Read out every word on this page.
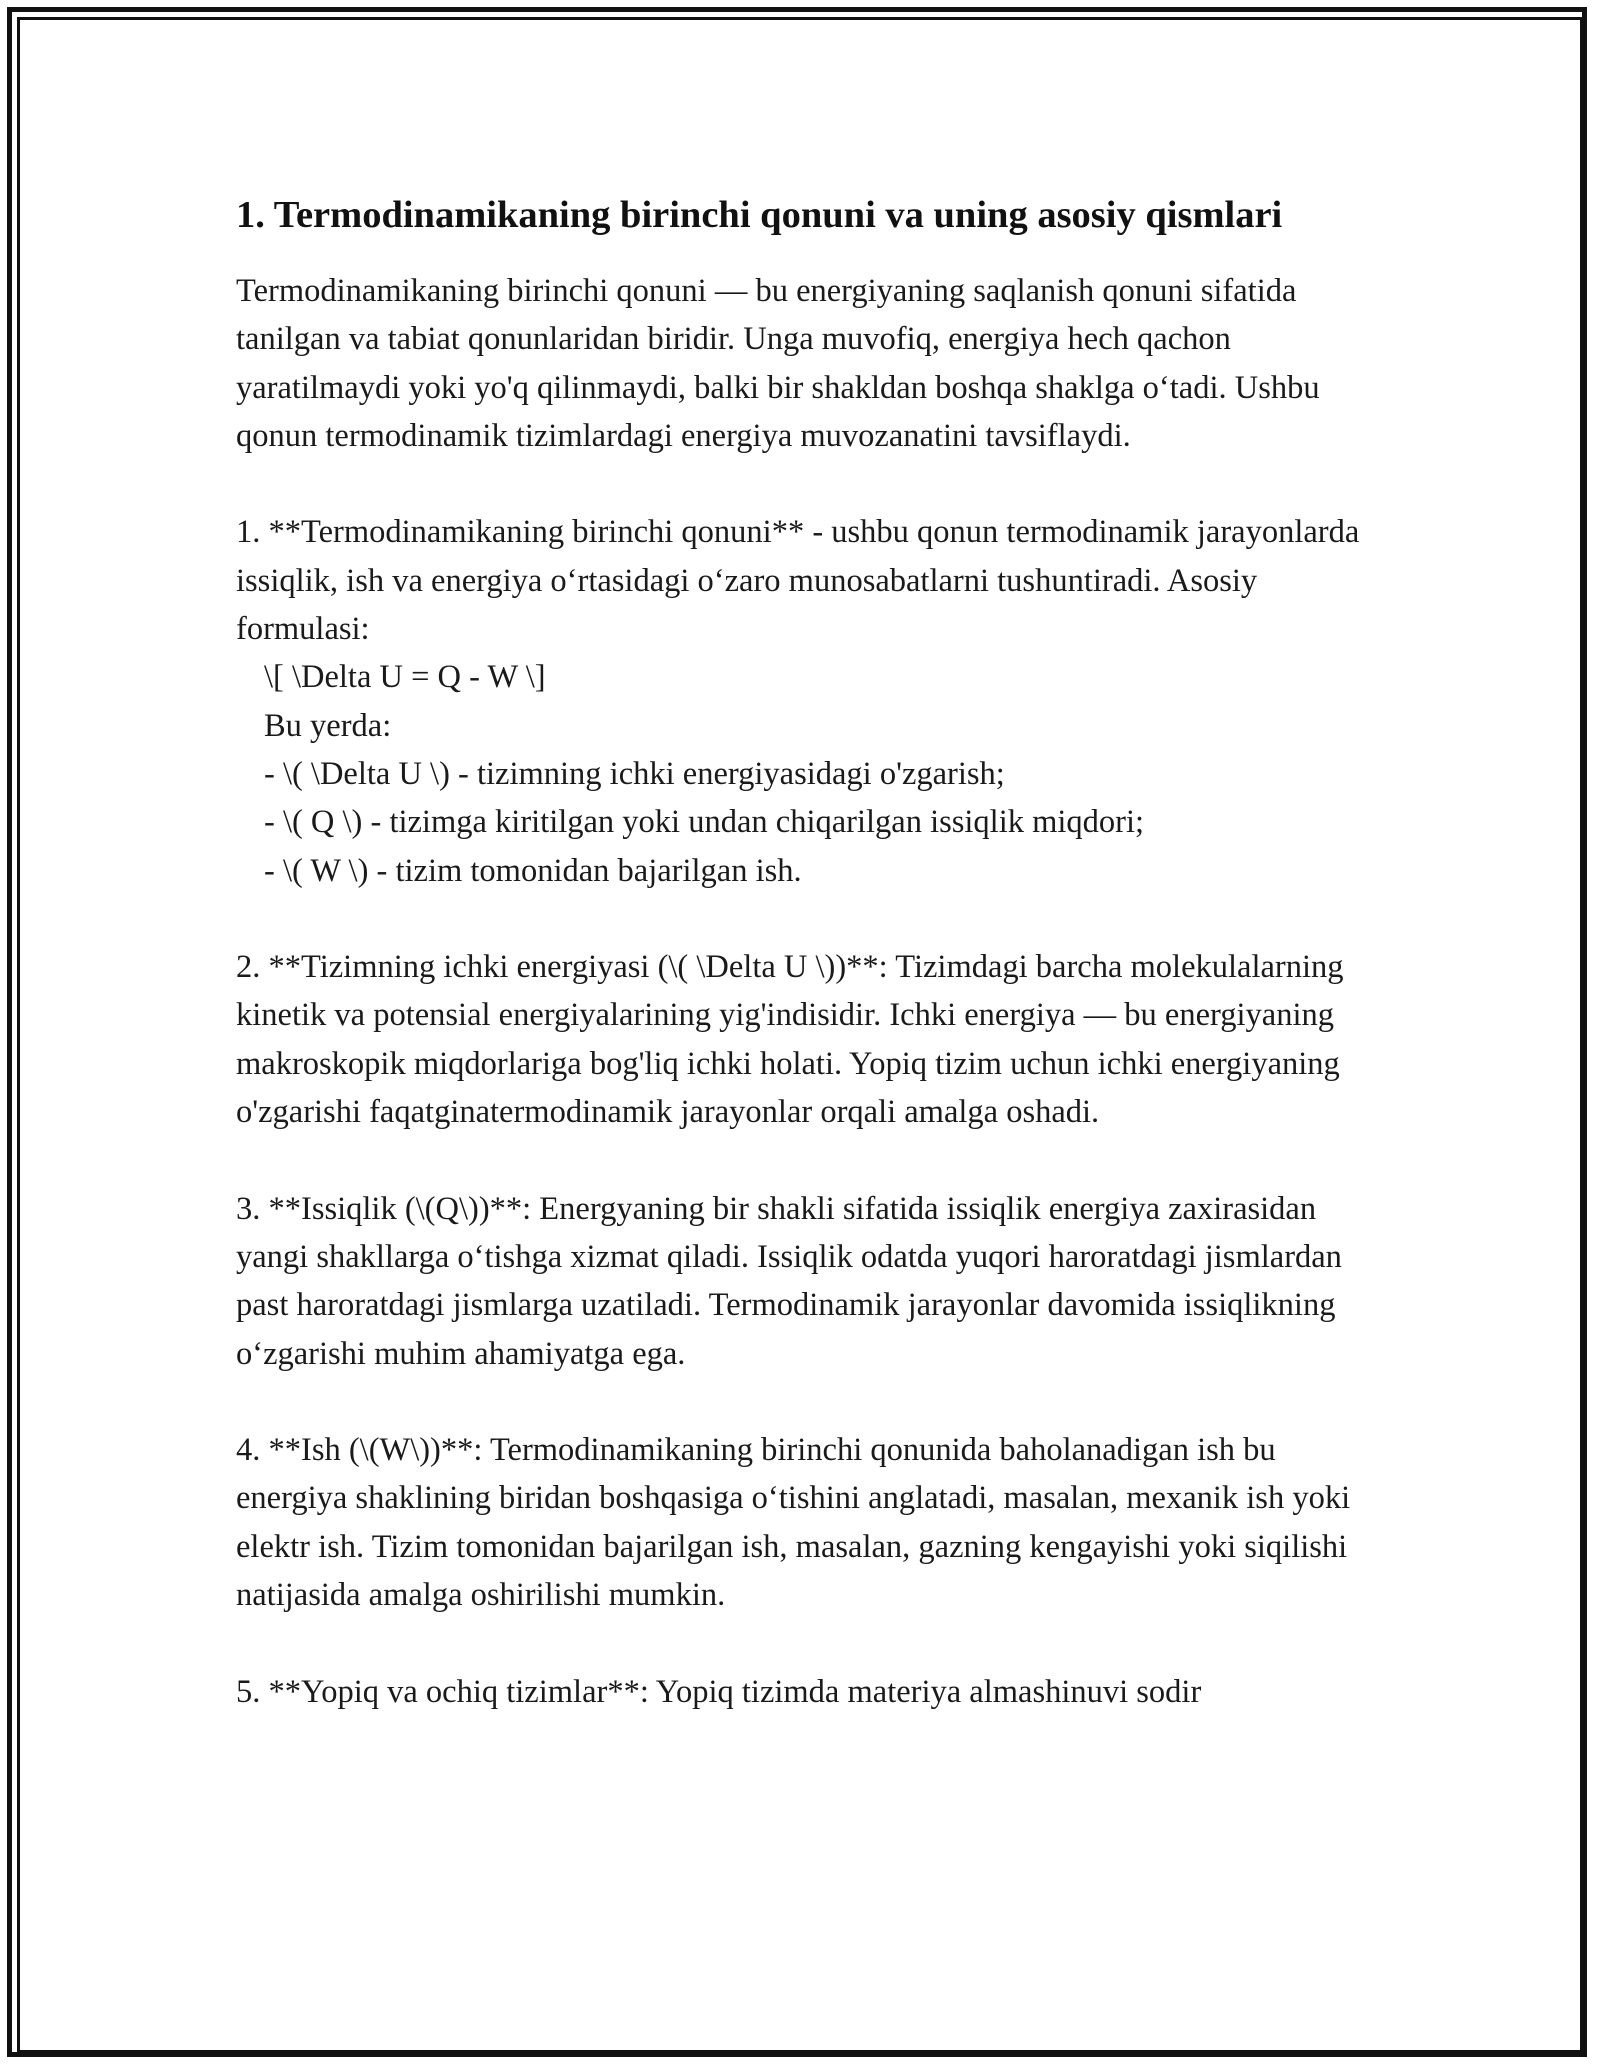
1. Termodinamikaning birinchi qonuni va uning asosiy qismlari

Termodinamikaning birinchi qonuni — bu energiyaning saqlanish qonuni sifatida tanilgan va tabiat qonunlaridan biridir. Unga muvofiq, energiya hech qachon yaratilmaydi yoki yo'q qilinmaydi, balki bir shakldan boshqa shaklga o‘tadi. Ushbu qonun termodinamik tizimlardagi energiya muvozanatini tavsiflaydi.

1. **Termodinamikaning birinchi qonuni** - ushbu qonun termodinamik jarayonlarda issiqlik, ish va energiya o‘rtasidagi o‘zaro munosabatlarni tushuntiradi. Asosiy formulasi:

\[ \Delta U = Q - W \]

Bu yerda:

- \( \Delta U \) - tizimning ichki energiyasidagi o'zgarish;

- \( Q \) - tizimga kiritilgan yoki undan chiqarilgan issiqlik miqdori;

- \( W \) - tizim tomonidan bajarilgan ish.

2. **Tizimning ichki energiyasi (\( \Delta U \))**: Tizimdagi barcha molekulalarning kinetik va potensial energiyalarining yig'indisidir. Ichki energiya — bu energiyaning makroskopik miqdorlariga bog'liq ichki holati. Yopiq tizim uchun ichki energiyaning o'zgarishi faqatginatermodinamik jarayonlar orqali amalga oshadi.

3. **Issiqlik (\(Q\))**: Energyaning bir shakli sifatida issiqlik energiya zaxirasidan yangi shakllarga o‘tishga xizmat qiladi. Issiqlik odatda yuqori haroratdagi jismlardan past haroratdagi jismlarga uzatiladi. Termodinamik jarayonlar davomida issiqlikning o‘zgarishi muhim ahamiyatga ega.

4. **Ish (\(W\))**: Termodinamikaning birinchi qonunida baholanadigan ish bu energiya shaklining biridan boshqasiga o‘tishini anglatadi, masalan, mexanik ish yoki elektr ish. Tizim tomonidan bajarilgan ish, masalan, gazning kengayishi yoki siqilishi natijasida amalga oshirilishi mumkin.

5. **Yopiq va ochiq tizimlar**: Yopiq tizimda materiya almashinuvi sodir
